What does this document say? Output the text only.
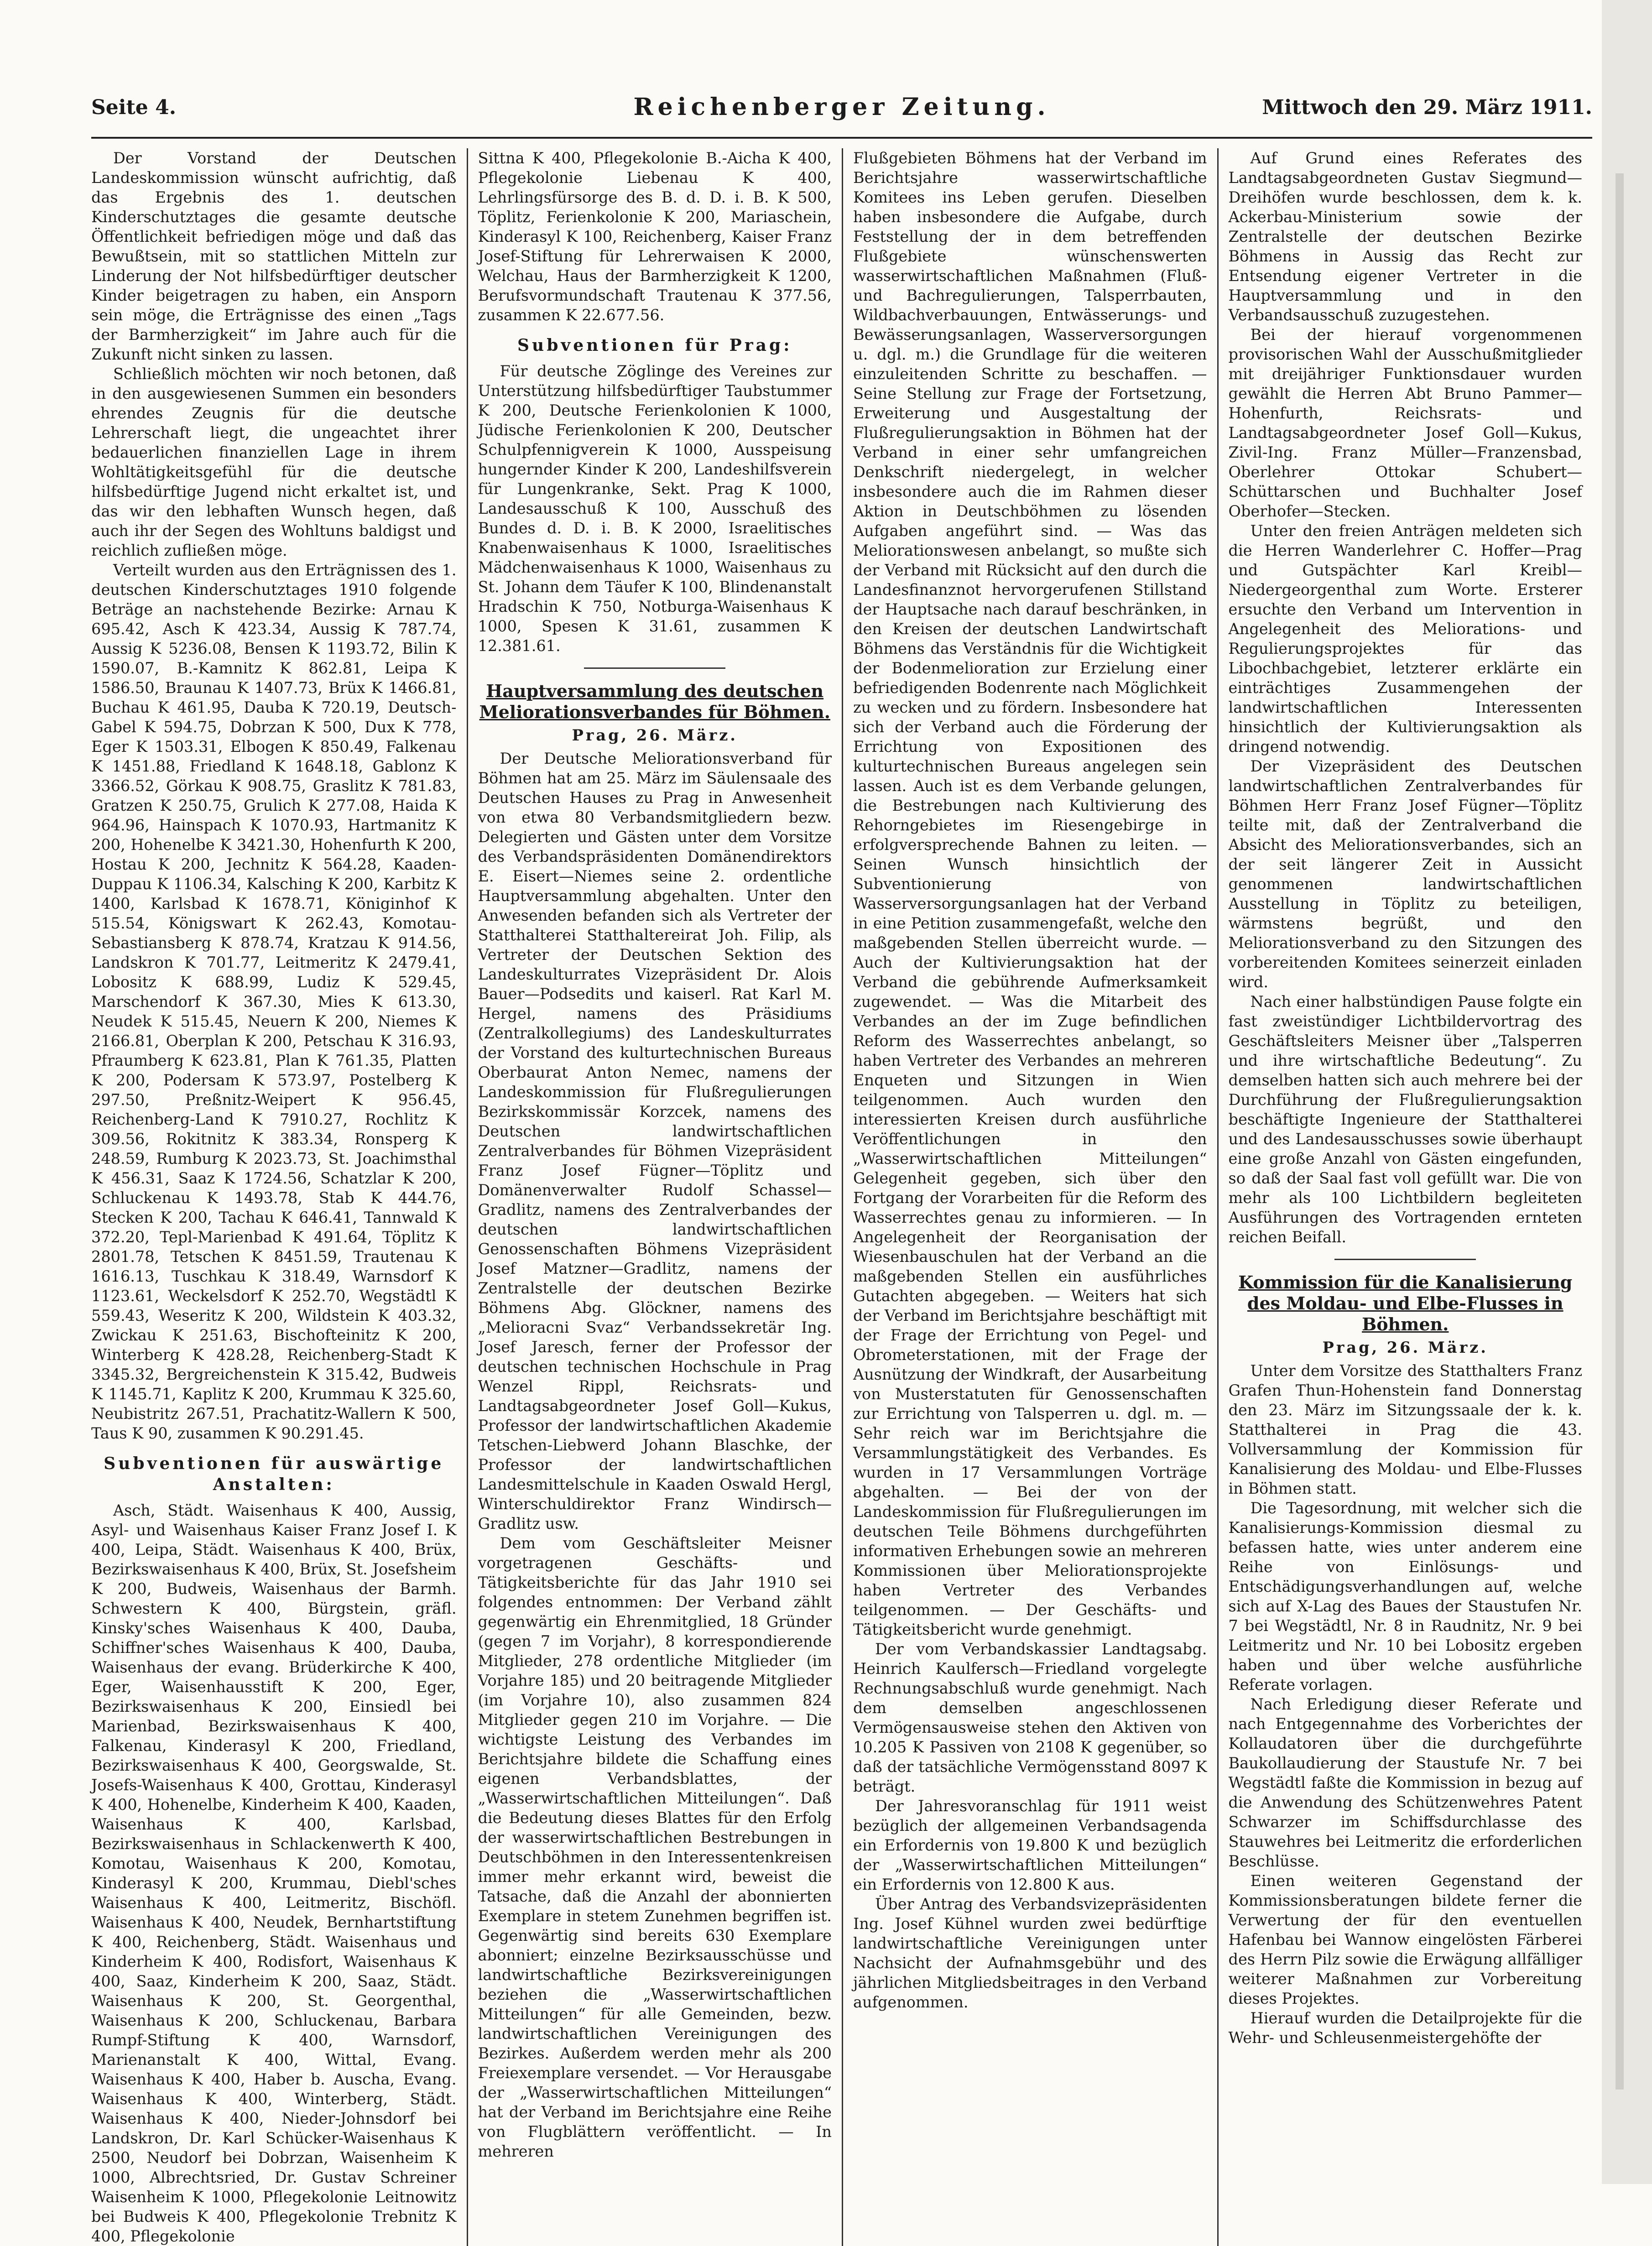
Seite 4.	Reichenberger Zeitung.	Mittwoch den 29. März 1911.

Der Vorstand der Deutschen Landeskommission wünscht aufrichtig, daß das Ergebnis des 1. deutschen Kinderschutztages die gesamte deutsche Öffentlichkeit befriedigen möge und daß das Bewußtsein, mit so stattlichen Mitteln zur Linderung der Not hilfsbedürftiger deutscher Kinder beigetragen zu haben, ein Ansporn sein möge, die Erträgnisse des einen „Tags der Barmherzigkeit“ im Jahre auch für die Zukunft nicht sinken zu lassen.

Schließlich möchten wir noch betonen, daß in den ausgewiesenen Summen ein besonders ehrendes Zeugnis für die deutsche Lehrerschaft liegt, die ungeachtet ihrer bedauerlichen finanziellen Lage in ihrem Wohltätigkeitsgefühl für die deutsche hilfsbedürftige Jugend nicht erkaltet ist, und das wir den lebhaften Wunsch hegen, daß auch ihr der Segen des Wohltuns baldigst und reichlich zufließen möge.

Verteilt wurden aus den Erträgnissen des 1. deutschen Kinderschutztages 1910 folgende Beträge an nachstehende Bezirke: Arnau K 695.42, Asch K 423.34, Aussig K 787.74, Aussig K 5236.08, Bensen K 1193.72, Bilin K 1590.07, B.-Kamnitz K 862.81, Leipa K 1586.50, Braunau K 1407.73, Brüx K 1466.81, Buchau K 461.95, Dauba K 720.19, Deutsch-Gabel K 594.75, Dobrzan K 500, Dux K 778, Eger K 1503.31, Elbogen K 850.49, Falkenau K 1451.88, Friedland K 1648.18, Gablonz K 3366.52, Görkau K 908.75, Graslitz K 781.83, Gratzen K 250.75, Grulich K 277.08, Haida K 964.96, Hainspach K 1070.93, Hartmanitz K 200, Hohenelbe K 3421.30, Hohenfurth K 200, Hostau K 200, Jechnitz K 564.28, Kaaden-Duppau K 1106.34, Kalsching K 200, Karbitz K 1400, Karlsbad K 1678.71, Königinhof K 515.54, Königswart K 262.43, Komotau-Sebastiansberg K 878.74, Kratzau K 914.56, Landskron K 701.77, Leitmeritz K 2479.41, Lobositz K 688.99, Ludiz K 529.45, Marschendorf K 367.30, Mies K 613.30, Neudek K 515.45, Neuern K 200, Niemes K 2166.81, Oberplan K 200, Petschau K 316.93, Pfraumberg K 623.81, Plan K 761.35, Platten K 200, Podersam K 573.97, Postelberg K 297.50, Preßnitz-Weipert K 956.45, Reichenberg-Land K 7910.27, Rochlitz K 309.56, Rokitnitz K 383.34, Ronsperg K 248.59, Rumburg K 2023.73, St. Joachimsthal K 456.31, Saaz K 1724.56, Schatzlar K 200, Schluckenau K 1493.78, Stab K 444.76, Stecken K 200, Tachau K 646.41, Tannwald K 372.20, Tepl-Marienbad K 491.64, Töplitz K 2801.78, Tetschen K 8451.59, Trautenau K 1616.13, Tuschkau K 318.49, Warnsdorf K 1123.61, Weckelsdorf K 252.70, Wegstädtl K 559.43, Weseritz K 200, Wildstein K 403.32, Zwickau K 251.63, Bischofteinitz K 200, Winterberg K 428.28, Reichenberg-Stadt K 3345.32, Bergreichenstein K 315.42, Budweis K 1145.71, Kaplitz K 200, Krummau K 325.60, Neubistritz 267.51, Prachatitz-Wallern K 500, Taus K 90, zusammen K 90.291.45.

Subventionen für auswärtige Anstalten:

Asch, Städt. Waisenhaus K 400, Aussig, Asyl- und Waisenhaus Kaiser Franz Josef I. K 400, Leipa, Städt. Waisenhaus K 400, Brüx, Bezirkswaisenhaus K 400, Brüx, St. Josefsheim K 200, Budweis, Waisenhaus der Barmh. Schwestern K 400, Bürgstein, gräfl. Kinsky'sches Waisenhaus K 400, Dauba, Schiffner'sches Waisenhaus K 400, Dauba, Waisenhaus der evang. Brüderkirche K 400, Eger, Waisenhausstift K 200, Eger, Bezirkswaisenhaus K 200, Einsiedl bei Marienbad, Bezirkswaisenhaus K 400, Falkenau, Kinderasyl K 200, Friedland, Bezirkswaisenhaus K 400, Georgswalde, St. Josefs-Waisenhaus K 400, Grottau, Kinderasyl K 400, Hohenelbe, Kinderheim K 400, Kaaden, Waisenhaus K 400, Karlsbad, Bezirkswaisenhaus in Schlackenwerth K 400, Komotau, Waisenhaus K 200, Komotau, Kinderasyl K 200, Krummau, Diebl'sches Waisenhaus K 400, Leitmeritz, Bischöfl. Waisenhaus K 400, Neudek, Bernhartstiftung K 400, Reichenberg, Städt. Waisenhaus und Kinderheim K 400, Rodisfort, Waisenhaus K 400, Saaz, Kinderheim K 200, Saaz, Städt. Waisenhaus K 200, St. Georgenthal, Waisenhaus K 200, Schluckenau, Barbara Rumpf-Stiftung K 400, Warnsdorf, Marienanstalt K 400, Wittal, Evang. Waisenhaus K 400, Haber b. Auscha, Evang. Waisenhaus K 400, Winterberg, Städt. Waisenhaus K 400, Nieder-Johnsdorf bei Landskron, Dr. Karl Schücker-Waisenhaus K 2500, Neudorf bei Dobrzan, Waisenheim K 1000, Albrechtsried, Dr. Gustav Schreiner Waisenheim K 1000, Pflegekolonie Leitnowitz bei Budweis K 400, Pflegekolonie Trebnitz K 400, Pflegekolonie

Sittna K 400, Pflegekolonie B.-Aicha K 400, Pflegekolonie Liebenau K 400, Lehrlingsfürsorge des B. d. D. i. B. K 500, Töplitz, Ferienkolonie K 200, Mariaschein, Kinderasyl K 100, Reichenberg, Kaiser Franz Josef-Stiftung für Lehrerwaisen K 2000, Welchau, Haus der Barmherzigkeit K 1200, Berufsvormundschaft Trautenau K 377.56, zusammen K 22.677.56.

Subventionen für Prag:

Für deutsche Zöglinge des Vereines zur Unterstützung hilfsbedürftiger Taubstummer K 200, Deutsche Ferienkolonien K 1000, Jüdische Ferienkolonien K 200, Deutscher Schulpfennigverein K 1000, Ausspeisung hungernder Kinder K 200, Landeshilfsverein für Lungenkranke, Sekt. Prag K 1000, Landesausschuß K 100, Ausschuß des Bundes d. D. i. B. K 2000, Israelitisches Knabenwaisenhaus K 1000, Israelitisches Mädchenwaisenhaus K 1000, Waisenhaus zu St. Johann dem Täufer K 100, Blindenanstalt Hradschin K 750, Notburga-Waisenhaus K 1000, Spesen K 31.61, zusammen K 12.381.61.

Hauptversammlung des deutschen Meliorationsverbandes für Böhmen.
Prag, 26. März.

Der Deutsche Meliorationsverband für Böhmen hat am 25. März im Säulensaale des Deutschen Hauses zu Prag in Anwesenheit von etwa 80 Verbandsmitgliedern bezw. Delegierten und Gästen unter dem Vorsitze des Verbandspräsidenten Domänendirektors E. Eisert—Niemes seine 2. ordentliche Hauptversammlung abgehalten. Unter den Anwesenden befanden sich als Vertreter der Statthalterei Statthaltereirat Joh. Filip, als Vertreter der Deutschen Sektion des Landeskulturrates Vizepräsident Dr. Alois Bauer—Podsedits und kaiserl. Rat Karl M. Hergel, namens des Präsidiums (Zentralkollegiums) des Landeskulturrates der Vorstand des kulturtechnischen Bureaus Oberbaurat Anton Nemec, namens der Landeskommission für Flußregulierungen Bezirkskommissär Korzcek, namens des Deutschen landwirtschaftlichen Zentralverbandes für Böhmen Vizepräsident Franz Josef Fügner—Töplitz und Domänenverwalter Rudolf Schassel—Gradlitz, namens des Zentralverbandes der deutschen landwirtschaftlichen Genossenschaften Böhmens Vizepräsident Josef Matzner—Gradlitz, namens der Zentralstelle der deutschen Bezirke Böhmens Abg. Glöckner, namens des „Melioracni Svaz“ Verbandssekretär Ing. Josef Jaresch, ferner der Professor der deutschen technischen Hochschule in Prag Wenzel Rippl, Reichsrats- und Landtagsabgeordneter Josef Goll—Kukus, Professor der landwirtschaftlichen Akademie Tetschen-Liebwerd Johann Blaschke, der Professor der landwirtschaftlichen Landesmittelschule in Kaaden Oswald Hergl, Winterschuldirektor Franz Windirsch—Gradlitz usw.

Dem vom Geschäftsleiter Meisner vorgetragenen Geschäfts- und Tätigkeitsberichte für das Jahr 1910 sei folgendes entnommen: Der Verband zählt gegenwärtig ein Ehrenmitglied, 18 Gründer (gegen 7 im Vorjahr), 8 korrespondierende Mitglieder, 278 ordentliche Mitglieder (im Vorjahre 185) und 20 beitragende Mitglieder (im Vorjahre 10), also zusammen 824 Mitglieder gegen 210 im Vorjahre. — Die wichtigste Leistung des Verbandes im Berichtsjahre bildete die Schaffung eines eigenen Verbandsblattes, der „Wasserwirtschaftlichen Mitteilungen“. Daß die Bedeutung dieses Blattes für den Erfolg der wasserwirtschaftlichen Bestrebungen in Deutschböhmen in den Interessentenkreisen immer mehr erkannt wird, beweist die Tatsache, daß die Anzahl der abonnierten Exemplare in stetem Zunehmen begriffen ist. Gegenwärtig sind bereits 630 Exemplare abonniert; einzelne Bezirksausschüsse und landwirtschaftliche Bezirksvereinigungen beziehen die „Wasserwirtschaftlichen Mitteilungen“ für alle Gemeinden, bezw. landwirtschaftlichen Vereinigungen des Bezirkes. Außerdem werden mehr als 200 Freiexemplare versendet. — Vor Herausgabe der „Wasserwirtschaftlichen Mitteilungen“ hat der Verband im Berichtsjahre eine Reihe von Flugblättern veröffentlicht. — In mehreren

Flußgebieten Böhmens hat der Verband im Berichtsjahre wasserwirtschaftliche Komitees ins Leben gerufen. Dieselben haben insbesondere die Aufgabe, durch Feststellung der in dem betreffenden Flußgebiete wünschenswerten wasserwirtschaftlichen Maßnahmen (Fluß- und Bachregulierungen, Talsperrbauten, Wildbachverbauungen, Entwässerungs- und Bewässerungsanlagen, Wasserversorgungen u. dgl. m.) die Grundlage für die weiteren einzuleitenden Schritte zu beschaffen. — Seine Stellung zur Frage der Fortsetzung, Erweiterung und Ausgestaltung der Flußregulierungsaktion in Böhmen hat der Verband in einer sehr umfangreichen Denkschrift niedergelegt, in welcher insbesondere auch die im Rahmen dieser Aktion in Deutschböhmen zu lösenden Aufgaben angeführt sind. — Was das Meliorationswesen anbelangt, so mußte sich der Verband mit Rücksicht auf den durch die Landesfinanznot hervorgerufenen Stillstand der Hauptsache nach darauf beschränken, in den Kreisen der deutschen Landwirtschaft Böhmens das Verständnis für die Wichtigkeit der Bodenmelioration zur Erzielung einer befriedigenden Bodenrente nach Möglichkeit zu wecken und zu fördern. Insbesondere hat sich der Verband auch die Förderung der Errichtung von Expositionen des kulturtechnischen Bureaus angelegen sein lassen. Auch ist es dem Verbande gelungen, die Bestrebungen nach Kultivierung des Rehorngebietes im Riesengebirge in erfolgversprechende Bahnen zu leiten. — Seinen Wunsch hinsichtlich der Subventionierung von Wasserversorgungsanlagen hat der Verband in eine Petition zusammengefaßt, welche den maßgebenden Stellen überreicht wurde. — Auch der Kultivierungsaktion hat der Verband die gebührende Aufmerksamkeit zugewendet. — Was die Mitarbeit des Verbandes an der im Zuge befindlichen Reform des Wasserrechtes anbelangt, so haben Vertreter des Verbandes an mehreren Enqueten und Sitzungen in Wien teilgenommen. Auch wurden den interessierten Kreisen durch ausführliche Veröffentlichungen in den „Wasserwirtschaftlichen Mitteilungen“ Gelegenheit gegeben, sich über den Fortgang der Vorarbeiten für die Reform des Wasserrechtes genau zu informieren. — In Angelegenheit der Reorganisation der Wiesenbauschulen hat der Verband an die maßgebenden Stellen ein ausführliches Gutachten abgegeben. — Weiters hat sich der Verband im Berichtsjahre beschäftigt mit der Frage der Errichtung von Pegel- und Obrometerstationen, mit der Frage der Ausnützung der Windkraft, der Ausarbeitung von Musterstatuten für Genossenschaften zur Errichtung von Talsperren u. dgl. m. — Sehr reich war im Berichtsjahre die Versammlungstätigkeit des Verbandes. Es wurden in 17 Versammlungen Vorträge abgehalten. — Bei der von der Landeskommission für Flußregulierungen im deutschen Teile Böhmens durchgeführten informativen Erhebungen sowie an mehreren Kommissionen über Meliorationsprojekte haben Vertreter des Verbandes teilgenommen. — Der Geschäfts- und Tätigkeitsbericht wurde genehmigt.

Der vom Verbandskassier Landtagsabg. Heinrich Kaulfersch—Friedland vorgelegte Rechnungsabschluß wurde genehmigt. Nach dem demselben angeschlossenen Vermögensausweise stehen den Aktiven von 10.205 K Passiven von 2108 K gegenüber, so daß der tatsächliche Vermögensstand 8097 K beträgt.

Der Jahresvoranschlag für 1911 weist bezüglich der allgemeinen Verbandsagenda ein Erfordernis von 19.800 K und bezüglich der „Wasserwirtschaftlichen Mitteilungen“ ein Erfordernis von 12.800 K aus.

Über Antrag des Verbandsvizepräsidenten Ing. Josef Kühnel wurden zwei bedürftige landwirtschaftliche Vereinigungen unter Nachsicht der Aufnahmsgebühr und des jährlichen Mitgliedsbeitrages in den Verband aufgenommen.

Auf Grund eines Referates des Landtagsabgeordneten Gustav Siegmund—Dreihöfen wurde beschlossen, dem k. k. Ackerbau-Ministerium sowie der Zentralstelle der deutschen Bezirke Böhmens in Aussig das Recht zur Entsendung eigener Vertreter in die Hauptversammlung und in den Verbandsausschuß zuzugestehen.

Bei der hierauf vorgenommenen provisorischen Wahl der Ausschußmitglieder mit dreijähriger Funktionsdauer wurden gewählt die Herren Abt Bruno Pammer—Hohenfurth, Reichsrats- und Landtagsabgeordneter Josef Goll—Kukus, Zivil-Ing. Franz Müller—Franzensbad, Oberlehrer Ottokar Schubert—Schüttarschen und Buchhalter Josef Oberhofer—Stecken.

Unter den freien Anträgen meldeten sich die Herren Wanderlehrer C. Hoffer—Prag und Gutspächter Karl Kreibl—Niedergeorgenthal zum Worte. Ersterer ersuchte den Verband um Intervention in Angelegenheit des Meliorations- und Regulierungsprojektes für das Libochbachgebiet, letzterer erklärte ein einträchtiges Zusammengehen der landwirtschaftlichen Interessenten hinsichtlich der Kultivierungsaktion als dringend notwendig.

Der Vizepräsident des Deutschen landwirtschaftlichen Zentralverbandes für Böhmen Herr Franz Josef Fügner—Töplitz teilte mit, daß der Zentralverband die Absicht des Meliorationsverbandes, sich an der seit längerer Zeit in Aussicht genommenen landwirtschaftlichen Ausstellung in Töplitz zu beteiligen, wärmstens begrüßt, und den Meliorationsverband zu den Sitzungen des vorbereitenden Komitees seinerzeit einladen wird.

Nach einer halbstündigen Pause folgte ein fast zweistündiger Lichtbildervortrag des Geschäftsleiters Meisner über „Talsperren und ihre wirtschaftliche Bedeutung“. Zu demselben hatten sich auch mehrere bei der Durchführung der Flußregulierungsaktion beschäftigte Ingenieure der Statthalterei und des Landesausschusses sowie überhaupt eine große Anzahl von Gästen eingefunden, so daß der Saal fast voll gefüllt war. Die von mehr als 100 Lichtbildern begleiteten Ausführungen des Vortragenden ernteten reichen Beifall.

Kommission für die Kanalisierung des Moldau- und Elbe-Flusses in Böhmen.
Prag, 26. März.

Unter dem Vorsitze des Statthalters Franz Grafen Thun-Hohenstein fand Donnerstag den 23. März im Sitzungssaale der k. k. Statthalterei in Prag die 43. Vollversammlung der Kommission für Kanalisierung des Moldau- und Elbe-Flusses in Böhmen statt.

Die Tagesordnung, mit welcher sich die Kanalisierungs-Kommission diesmal zu befassen hatte, wies unter anderem eine Reihe von Einlösungs- und Entschädigungsverhandlungen auf, welche sich auf X-Lag des Baues der Staustufen Nr. 7 bei Wegstädtl, Nr. 8 in Raudnitz, Nr. 9 bei Leitmeritz und Nr. 10 bei Lobositz ergeben haben und über welche ausführliche Referate vorlagen.

Nach Erledigung dieser Referate und nach Entgegennahme des Vorberichtes der Kollaudatoren über die durchgeführte Baukollaudierung der Staustufe Nr. 7 bei Wegstädtl faßte die Kommission in bezug auf die Anwendung des Schützenwehres Patent Schwarzer im Schiffsdurchlasse des Stauwehres bei Leitmeritz die erforderlichen Beschlüsse.

Einen weiteren Gegenstand der Kommissionsberatungen bildete ferner die Verwertung der für den eventuellen Hafenbau bei Wannow eingelösten Färberei des Herrn Pilz sowie die Erwägung allfälliger weiterer Maßnahmen zur Vorbereitung dieses Projektes.

Hierauf wurden die Detailprojekte für die Wehr- und Schleusenmeistergehöfte der
